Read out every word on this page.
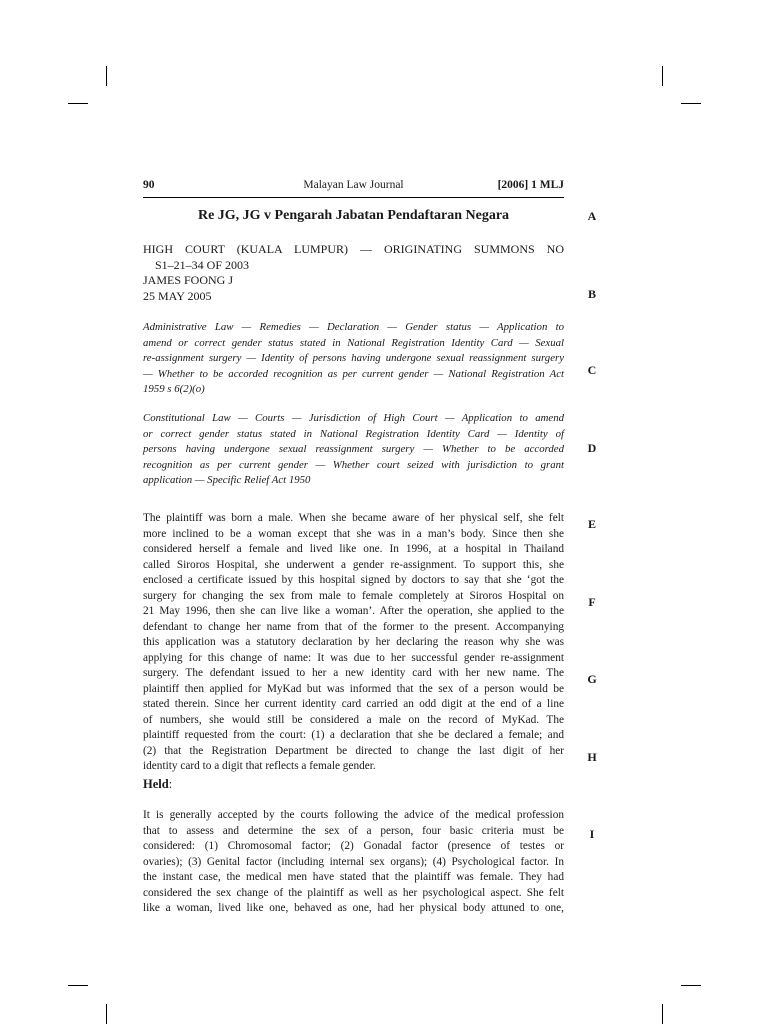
90	Malayan Law Journal	[2006] 1 MLJ
Re JG, JG v Pengarah Jabatan Pendaftaran Negara

HIGH COURT (KUALA LUMPUR) — ORIGINATING SUMMONS NO

S1–21–34 OF 2003

JAMES FOONG J

25 MAY 2005

Administrative Law — Remedies — Declaration — Gender status — Application to
amend or correct gender status stated in National Registration Identity Card — Sexual
re-assignment surgery — Identity of persons having undergone sexual reassignment surgery
— Whether to be accorded recognition as per current gender — National Registration Act
1959 s 6(2)(o)
Constitutional Law — Courts — Jurisdiction of High Court — Application to amend
or correct gender status stated in National Registration Identity Card — Identity of
persons having undergone sexual reassignment surgery — Whether to be accorded
recognition as per current gender — Whether court seized with jurisdiction to grant
application — Specific Relief Act 1950
The plaintiff was born a male. When she became aware of her physical self, she felt
more inclined to be a woman except that she was in a man’s body. Since then she
considered herself a female and lived like one. In 1996, at a hospital in Thailand
called Siroros Hospital, she underwent a gender re-assignment. To support this, she
enclosed a certificate issued by this hospital signed by doctors to say that she ‘got the
surgery for changing the sex from male to female completely at Siroros Hospital on
21 May 1996, then she can live like a woman’. After the operation, she applied to the
defendant to change her name from that of the former to the present. Accompanying
this application was a statutory declaration by her declaring the reason why she was
applying for this change of name: It was due to her successful gender re-assignment
surgery. The defendant issued to her a new identity card with her new name. The
plaintiff then applied for MyKad but was informed that the sex of a person would be
stated therein. Since her current identity card carried an odd digit at the end of a line
of numbers, she would still be considered a male on the record of MyKad. The
plaintiff requested from the court: (1) a declaration that she be declared a female; and
(2) that the Registration Department be directed to change the last digit of her
identity card to a digit that reflects a female gender.
Held:
It is generally accepted by the courts following the advice of the medical profession
that to assess and determine the sex of a person, four basic criteria must be
considered: (1) Chromosomal factor; (2) Gonadal factor (presence of testes or
ovaries); (3) Genital factor (including internal sex organs); (4) Psychological factor. In
the instant case, the medical men have stated that the plaintiff was female. They had
considered the sex change of the plaintiff as well as her psychological aspect. She felt
like a woman, lived like one, behaved as one, had her physical body attuned to one,
A
B
C
D
E
F
G
H
I
